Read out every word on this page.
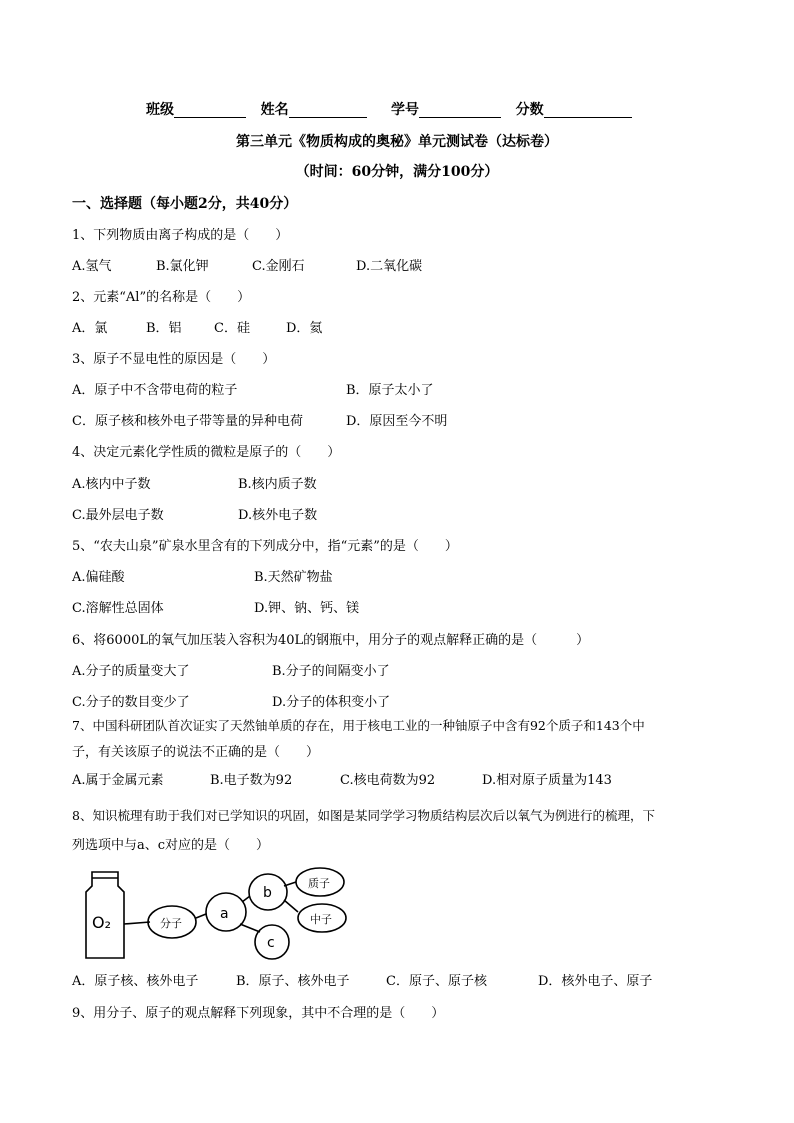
班级	姓名	学号	分数
第三单元《物质构成的奥秘》单元测试卷（达标卷）
（时间：60分钟，满分100分）
一、选择题（每小题2分，共40分）
1、下列物质由离子构成的是（　　）
A.氢气	B.氯化钾	C.金刚石	D.二氧化碳
2、元素“Al”的名称是（　　）
A．氯	B．铝 C．硅	D．氦
3、原子不显电性的原因是（　　）
A．原子中不含带电荷的粒子	B．原子太小了
C．原子核和核外电子带等量的异种电荷	D．原因至今不明
4、决定元素化学性质的微粒是原子的（　　）
A.核内中子数	B.核内质子数
C.最外层电子数	D.核外电子数
5、“农夫山泉”矿泉水里含有的下列成分中，指“元素”的是（　　）
A.偏硅酸	B.天然矿物盐
C.溶解性总固体	D.钾、钠、钙、镁
6、将6000L的氧气加压装入容积为40L的钢瓶中，用分子的观点解释正确的是（　　　）
A.分子的质量变大了	B.分子的间隔变小了
C.分子的数目变少了	D.分子的体积变小了
7、中国科研团队首次证实了天然铀单质的存在，用于核电工业的一种铀原子中含有92个质子和143个中
子，有关该原子的说法不正确的是（　　）
A.属于金属元素	B.电子数为92	C.核电荷数为92	D.相对原子质量为143
8、知识梳理有助于我们对已学知识的巩固，如图是某同学学习物质结构层次后以氧气为例进行的梳理，下
列选项中与a、c对应的是（　　）
O₂	分子
a
b
c
质子
中子
A．原子核、核外电子	B．原子、核外电子	C．原子、原子核	D．核外电子、原子
9、用分子、原子的观点解释下列现象，其中不合理的是（　　）
